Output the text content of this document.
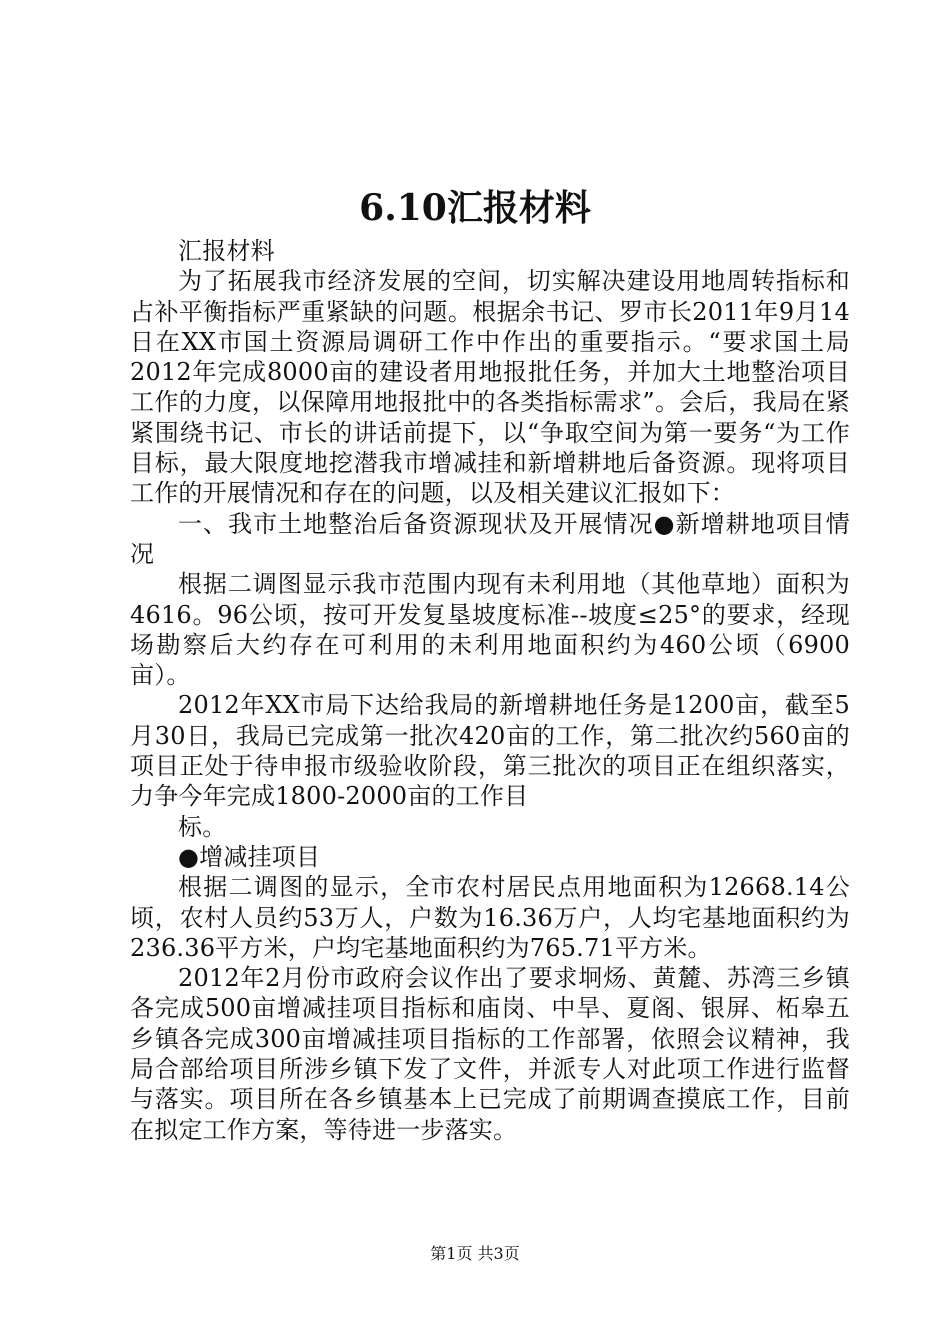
6.10汇报材料

汇报材料

为了拓展我市经济发展的空间，切实解决建设用地周转指标和占补平衡指标严重紧缺的问题。根据余书记、罗市长2011年9月14日在XX市国土资源局调研工作中作出的重要指示。“要求国土局2012年完成8000亩的建设者用地报批任务，并加大土地整治项目工作的力度，以保障用地报批中的各类指标需求”。会后，我局在紧紧围绕书记、市长的讲话前提下，以“争取空间为第一要务“为工作目标，最大限度地挖潜我市增减挂和新增耕地后备资源。现将项目工作的开展情况和存在的问题，以及相关建议汇报如下：

一、我市土地整治后备资源现状及开展情况●新增耕地项目情况

根据二调图显示我市范围内现有未利用地（其他草地）面积为4616。96公顷，按可开发复垦坡度标准--坡度≤25°的要求，经现场勘察后大约存在可利用的未利用地面积约为460公顷（6900亩）。

2012年XX市局下达给我局的新增耕地任务是1200亩，截至5月30日，我局已完成第一批次420亩的工作，第二批次约560亩的项目正处于待申报市级验收阶段，第三批次的项目正在组织落实，力争今年完成1800-2000亩的工作目

标。

●增减挂项目

根据二调图的显示，全市农村居民点用地面积为12668.14公顷，农村人员约53万人，户数为16.36万户，人均宅基地面积约为236.36平方米，户均宅基地面积约为765.71平方米。

2012年2月份市政府会议作出了要求坰炀、黄麓、苏湾三乡镇各完成500亩增减挂项目指标和庙岗、中旱、夏阁、银屏、柘皋五乡镇各完成300亩增减挂项目指标的工作部署，依照会议精神，我局合部给项目所涉乡镇下发了文件，并派专人对此项工作进行监督与落实。项目所在各乡镇基本上已完成了前期调查摸底工作，目前在拟定工作方案，等待进一步落实。

第1页 共3页
